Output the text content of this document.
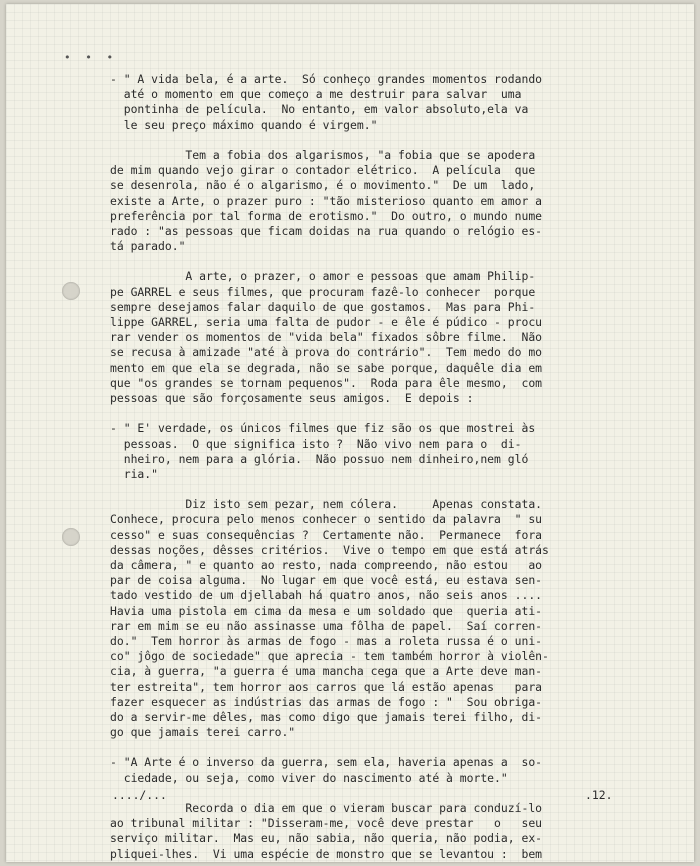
• • •
- " A vida bela, é a arte.  Só conheço grandes momentos rodando
até o momento em que começo a me destruir para salvar  uma
pontinha de película.  No entanto, em valor absoluto,ela va
le seu preço máximo quando é virgem."
Tem a fobia dos algarismos, "a fobia que se apodera
de mim quando vejo girar o contador elétrico.  A película  que
se desenrola, não é o algarismo, é o movimento."  De um  lado,
existe a Arte, o prazer puro : "tão misterioso quanto em amor a
preferência por tal forma de erotismo."  Do outro, o mundo nume
rado : "as pessoas que ficam doidas na rua quando o relógio es-
tá parado."
A arte, o prazer, o amor e pessoas que amam Philip-
pe GARREL e seus filmes, que procuram fazê-lo conhecer  porque
sempre desejamos falar daquilo de que gostamos.  Mas para Phi-
lippe GARREL, seria uma falta de pudor - e êle é púdico - procu
rar vender os momentos de "vida bela" fixados sôbre filme.  Não
se recusa à amizade "até à prova do contrário".  Tem medo do mo
mento em que ela se degrada, não se sabe porque, daquêle dia em
que "os grandes se tornam pequenos".  Roda para êle mesmo,  com
pessoas que são forçosamente seus amigos.  E depois :
- " E' verdade, os únicos filmes que fiz são os que mostrei às
pessoas.  O que significa isto ?  Não vivo nem para o  di-
nheiro, nem para a glória.  Não possuo nem dinheiro,nem gló
ria."
Diz isto sem pezar, nem cólera.     Apenas constata.
Conhece, procura pelo menos conhecer o sentido da palavra  " su
cesso" e suas consequências ?  Certamente não.  Permanece  fora
dessas noções, dêsses critérios.  Vive o tempo em que está atrás
da câmera, " e quanto ao resto, nada compreendo, não estou   ao
par de coisa alguma.  No lugar em que você está, eu estava sen-
tado vestido de um djellabah há quatro anos, não seis anos ....
Havia uma pistola em cima da mesa e um soldado que  queria ati-
rar em mim se eu não assinasse uma fôlha de papel.  Saí corren-
do."  Tem horror às armas de fogo - mas a roleta russa é o uni-
co" jôgo de sociedade" que aprecia - tem também horror à violên-
cia, à guerra, "a guerra é uma mancha cega que a Arte deve man-
ter estreita", tem horror aos carros que lá estão apenas   para
fazer esquecer as indústrias das armas de fogo : "  Sou obriga-
do a servir-me dêles, mas como digo que jamais terei filho, di-
go que jamais terei carro."
- "A Arte é o inverso da guerra, sem ela, haveria apenas a  so-
ciedade, ou seja, como viver do nascimento até à morte."
Recorda o dia em que o vieram buscar para conduzí-lo
ao tribunal militar : "Disseram-me, você deve prestar   o   seu
serviço militar.  Mas eu, não sabia, não queria, não podia, ex-
pliquei-lhes.  Vi uma espécie de monstro que se levantou :  bem
..../...	.12.
